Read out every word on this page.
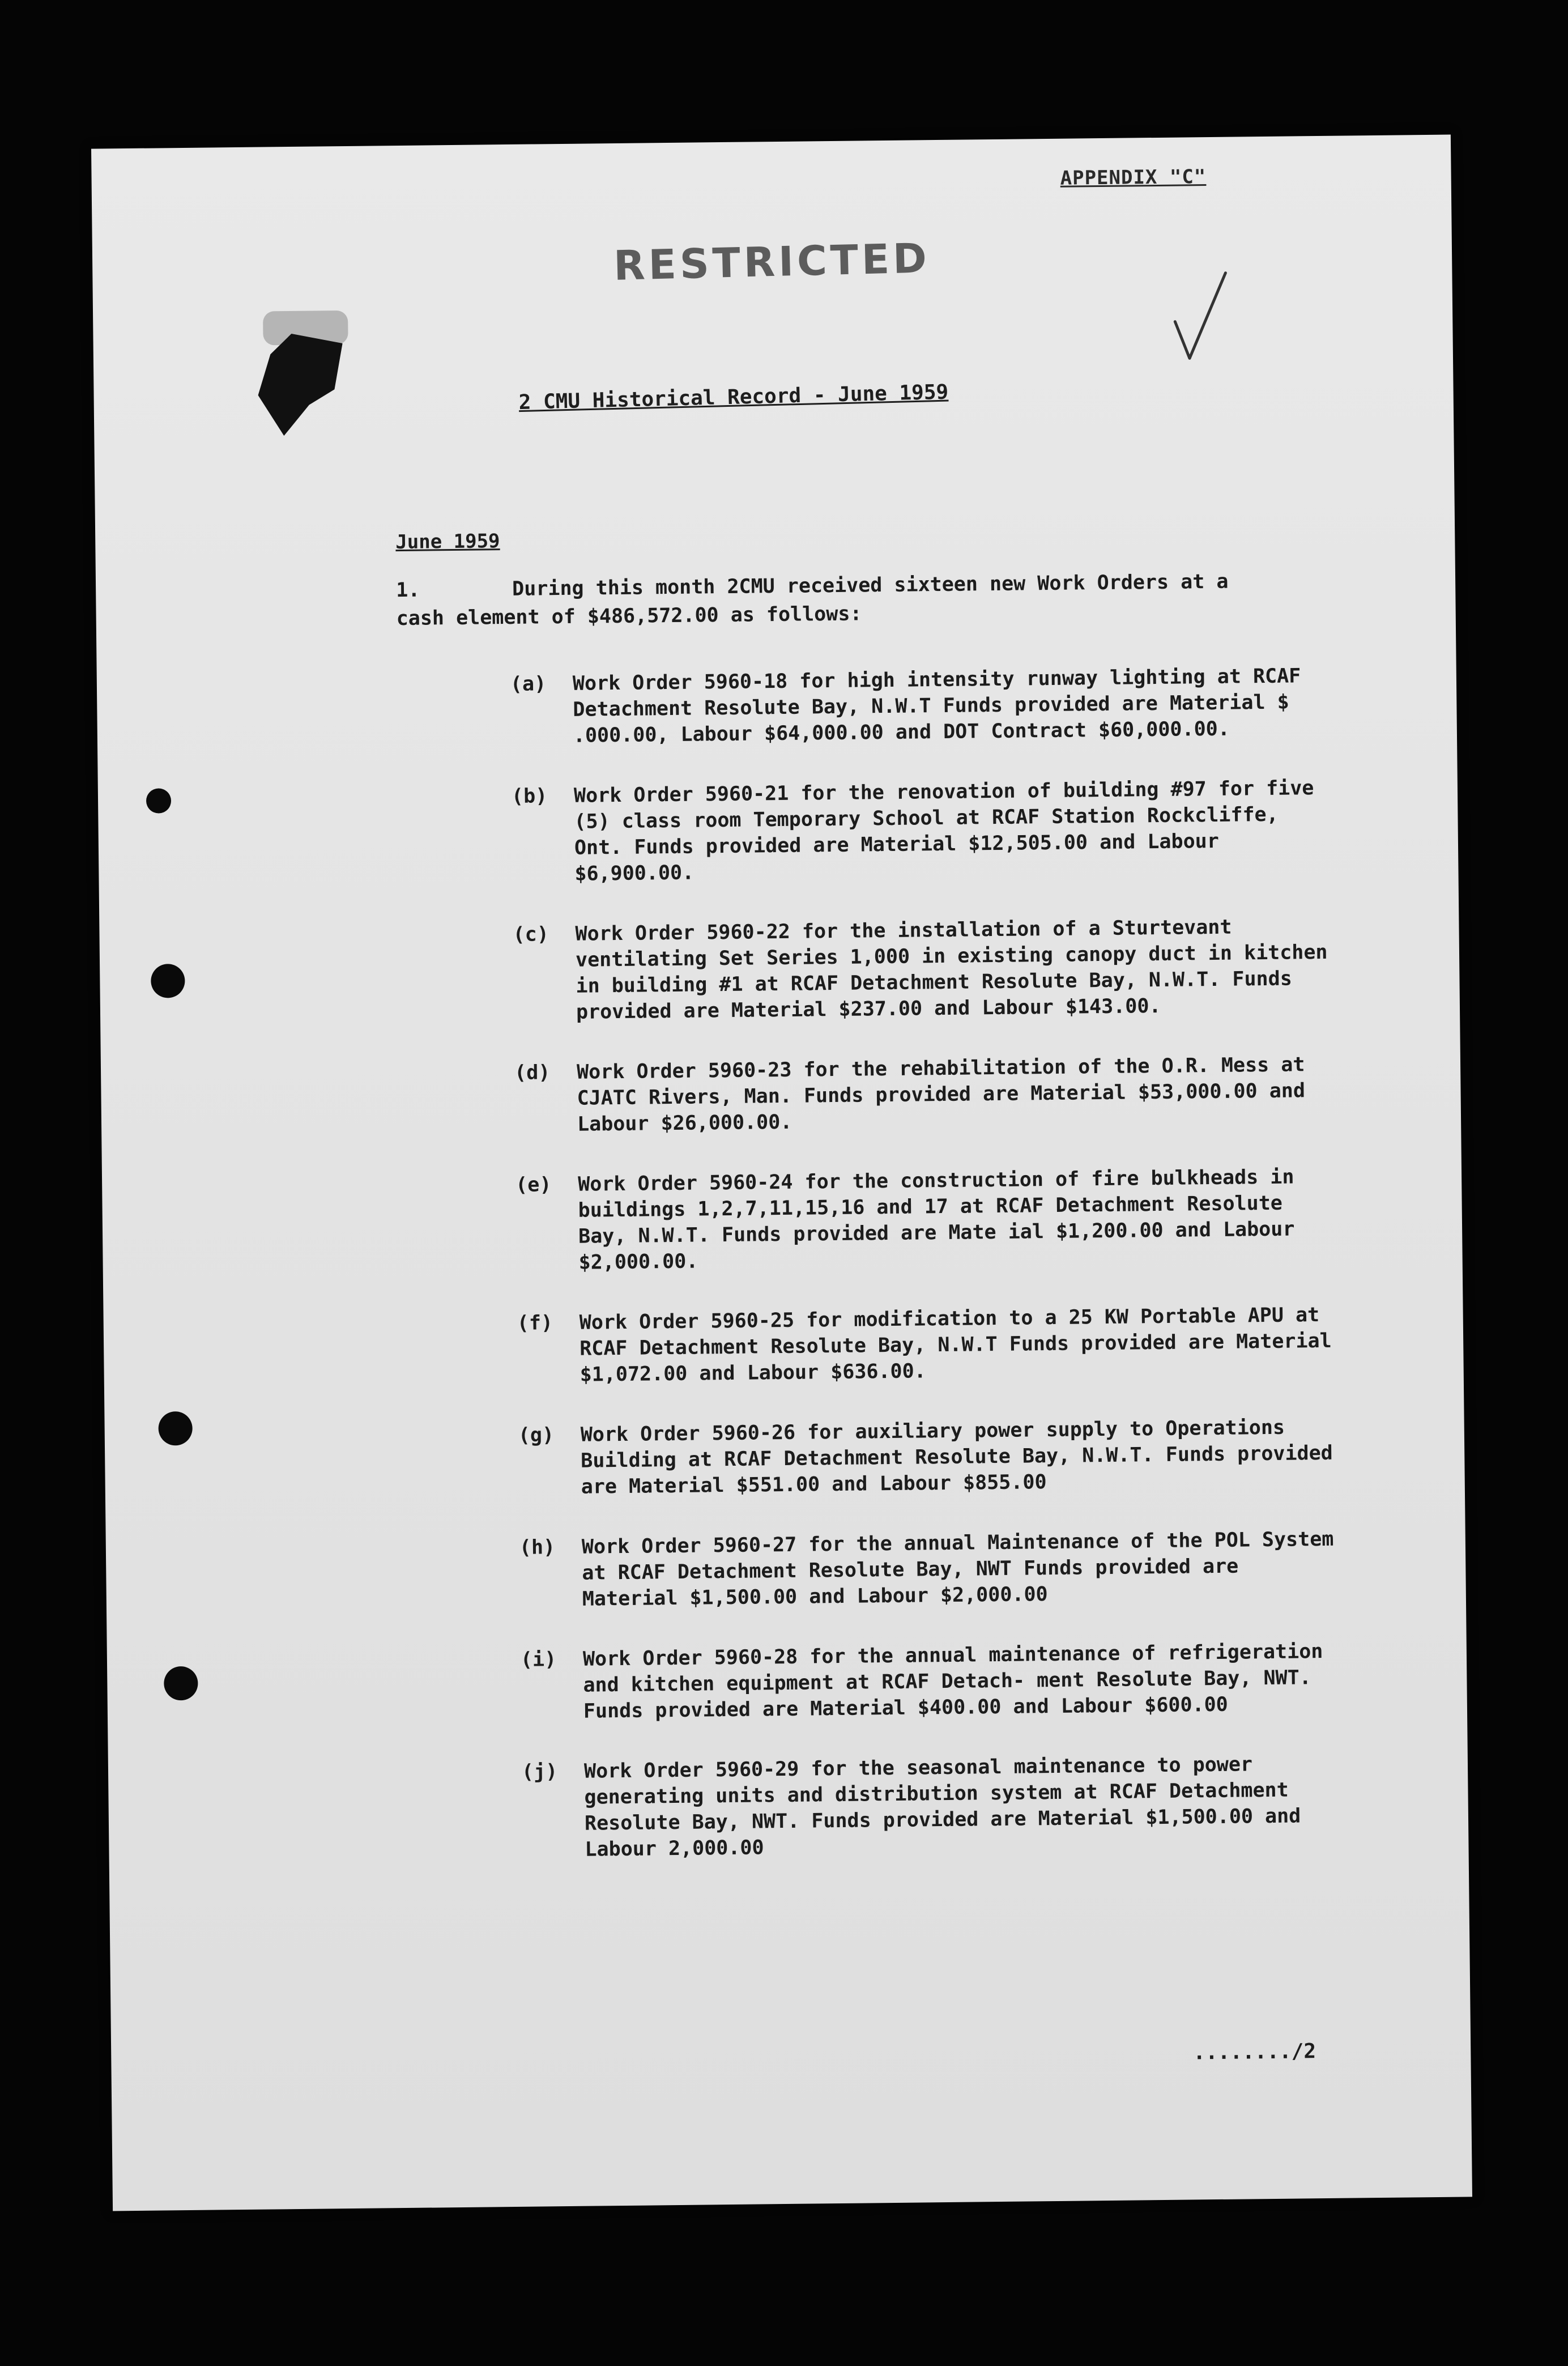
APPENDIX "C"
RESTRICTED
2 CMU Historical Record - June 1959
June 1959
1.	During this month 2CMU received sixteen new Work Orders at a cash element of $486,572.00 as follows:
(a)	Work Order 5960-18 for high intensity runway lighting at RCAF Detachment Resolute Bay, N.W.T Funds provided are Material $ .000.00, Labour $64,000.00 and DOT Contract $60,000.00.
(b)	Work Order 5960-21 for the renovation of building #97 for five (5) class room Temporary School at RCAF Station Rockcliffe, Ont. Funds provided are Material $12,505.00 and Labour $6,900.00.
(c)	Work Order 5960-22 for the installation of a Sturtevant ventilating Set Series 1,000 in existing canopy duct in kitchen in building #1 at RCAF Detachment Resolute Bay, N.W.T. Funds provided are Material $237.00 and Labour $143.00.
(d)	Work Order 5960-23 for the rehabilitation of the O.R. Mess at CJATC Rivers, Man. Funds provided are Material $53,000.00 and Labour $26,000.00.
(e)	Work Order 5960-24 for the construction of fire bulkheads in buildings 1,2,7,11,15,16 and 17 at RCAF Detachment Resolute Bay, N.W.T. Funds provided are Mate ial $1,200.00 and Labour $2,000.00.
(f)	Work Order 5960-25 for modification to a 25 KW Portable APU at RCAF Detachment Resolute Bay, N.W.T Funds provided are Material $1,072.00 and Labour $636.00.
(g)	Work Order 5960-26 for auxiliary power supply to Operations Building at RCAF Detachment Resolute Bay, N.W.T. Funds provided are Material $551.00 and Labour $855.00
(h)	Work Order 5960-27 for the annual Maintenance of the POL System at RCAF Detachment Resolute Bay, NWT Funds provided are Material $1,500.00 and Labour $2,000.00
(i)	Work Order 5960-28 for the annual maintenance of refrigeration and kitchen equipment at RCAF Detach- ment Resolute Bay, NWT. Funds provided are Material $400.00 and Labour $600.00
(j)	Work Order 5960-29 for the seasonal maintenance to power generating units and distribution system at RCAF Detachment Resolute Bay, NWT. Funds provided are Material $1,500.00 and Labour 2,000.00
......../2
